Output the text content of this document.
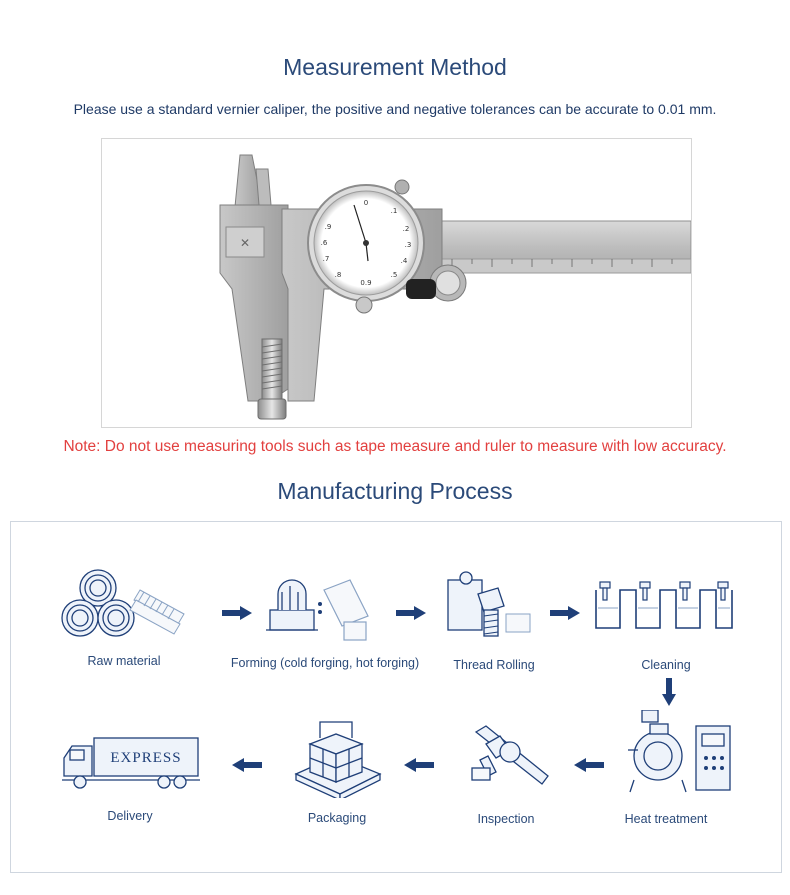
Measurement Method
Please use a standard vernier caliper, the positive and negative tolerances can be accurate to 0.01 mm.
✕
0
.1
.2
.3
.4
.5
0.9
.8
.7
.6
.9
Note: Do not use measuring tools such as tape measure and ruler to measure with low accuracy.
Manufacturing Process
Raw material	Forming (cold forging, hot forging)	Thread Rolling	Cleaning
EXPRESS
Heat treatment
Inspection
Packaging
Delivery
